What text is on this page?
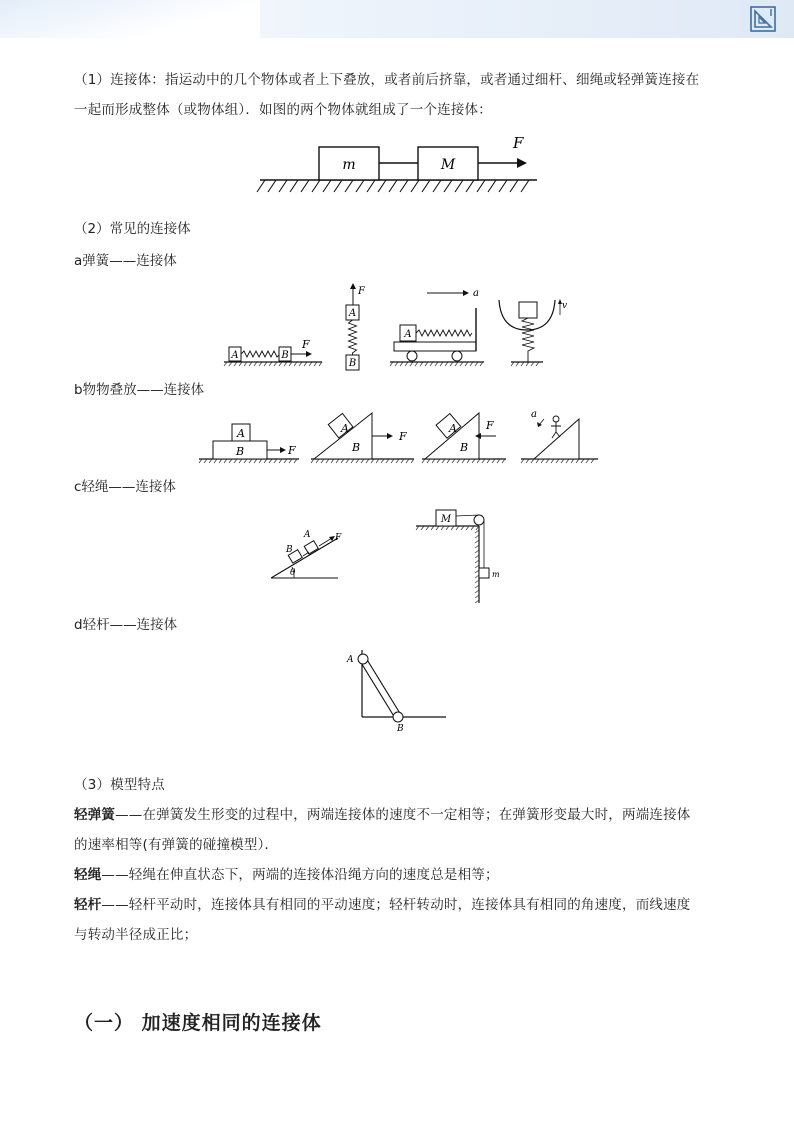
（1）连接体：指运动中的几个物体或者上下叠放，或者前后挤靠，或者通过细杆、细绳或轻弹簧连接在
一起而形成整体（或物体组）．如图的两个物体就组成了一个连接体：
m	M
F
（2）常见的连接体
a弹簧——连接体
A	B
F
F
A
B
A
a
v
b物物叠放——连接体
A
B	F
A
B
F
A
B
F
a
c轻绳——连接体
θ
B
A	F
M
m
d轻杆——连接体
A
B
（3）模型特点
轻弹簧——在弹簧发生形变的过程中，两端连接体的速度不一定相等；在弹簧形变最大时，两端连接体
的速率相等(有弹簧的碰撞模型）．
轻绳——轻绳在伸直状态下，两端的连接体沿绳方向的速度总是相等；
轻杆——轻杆平动时，连接体具有相同的平动速度；轻杆转动时，连接体具有相同的角速度，而线速度
与转动半径成正比；
（一） 加速度相同的连接体
